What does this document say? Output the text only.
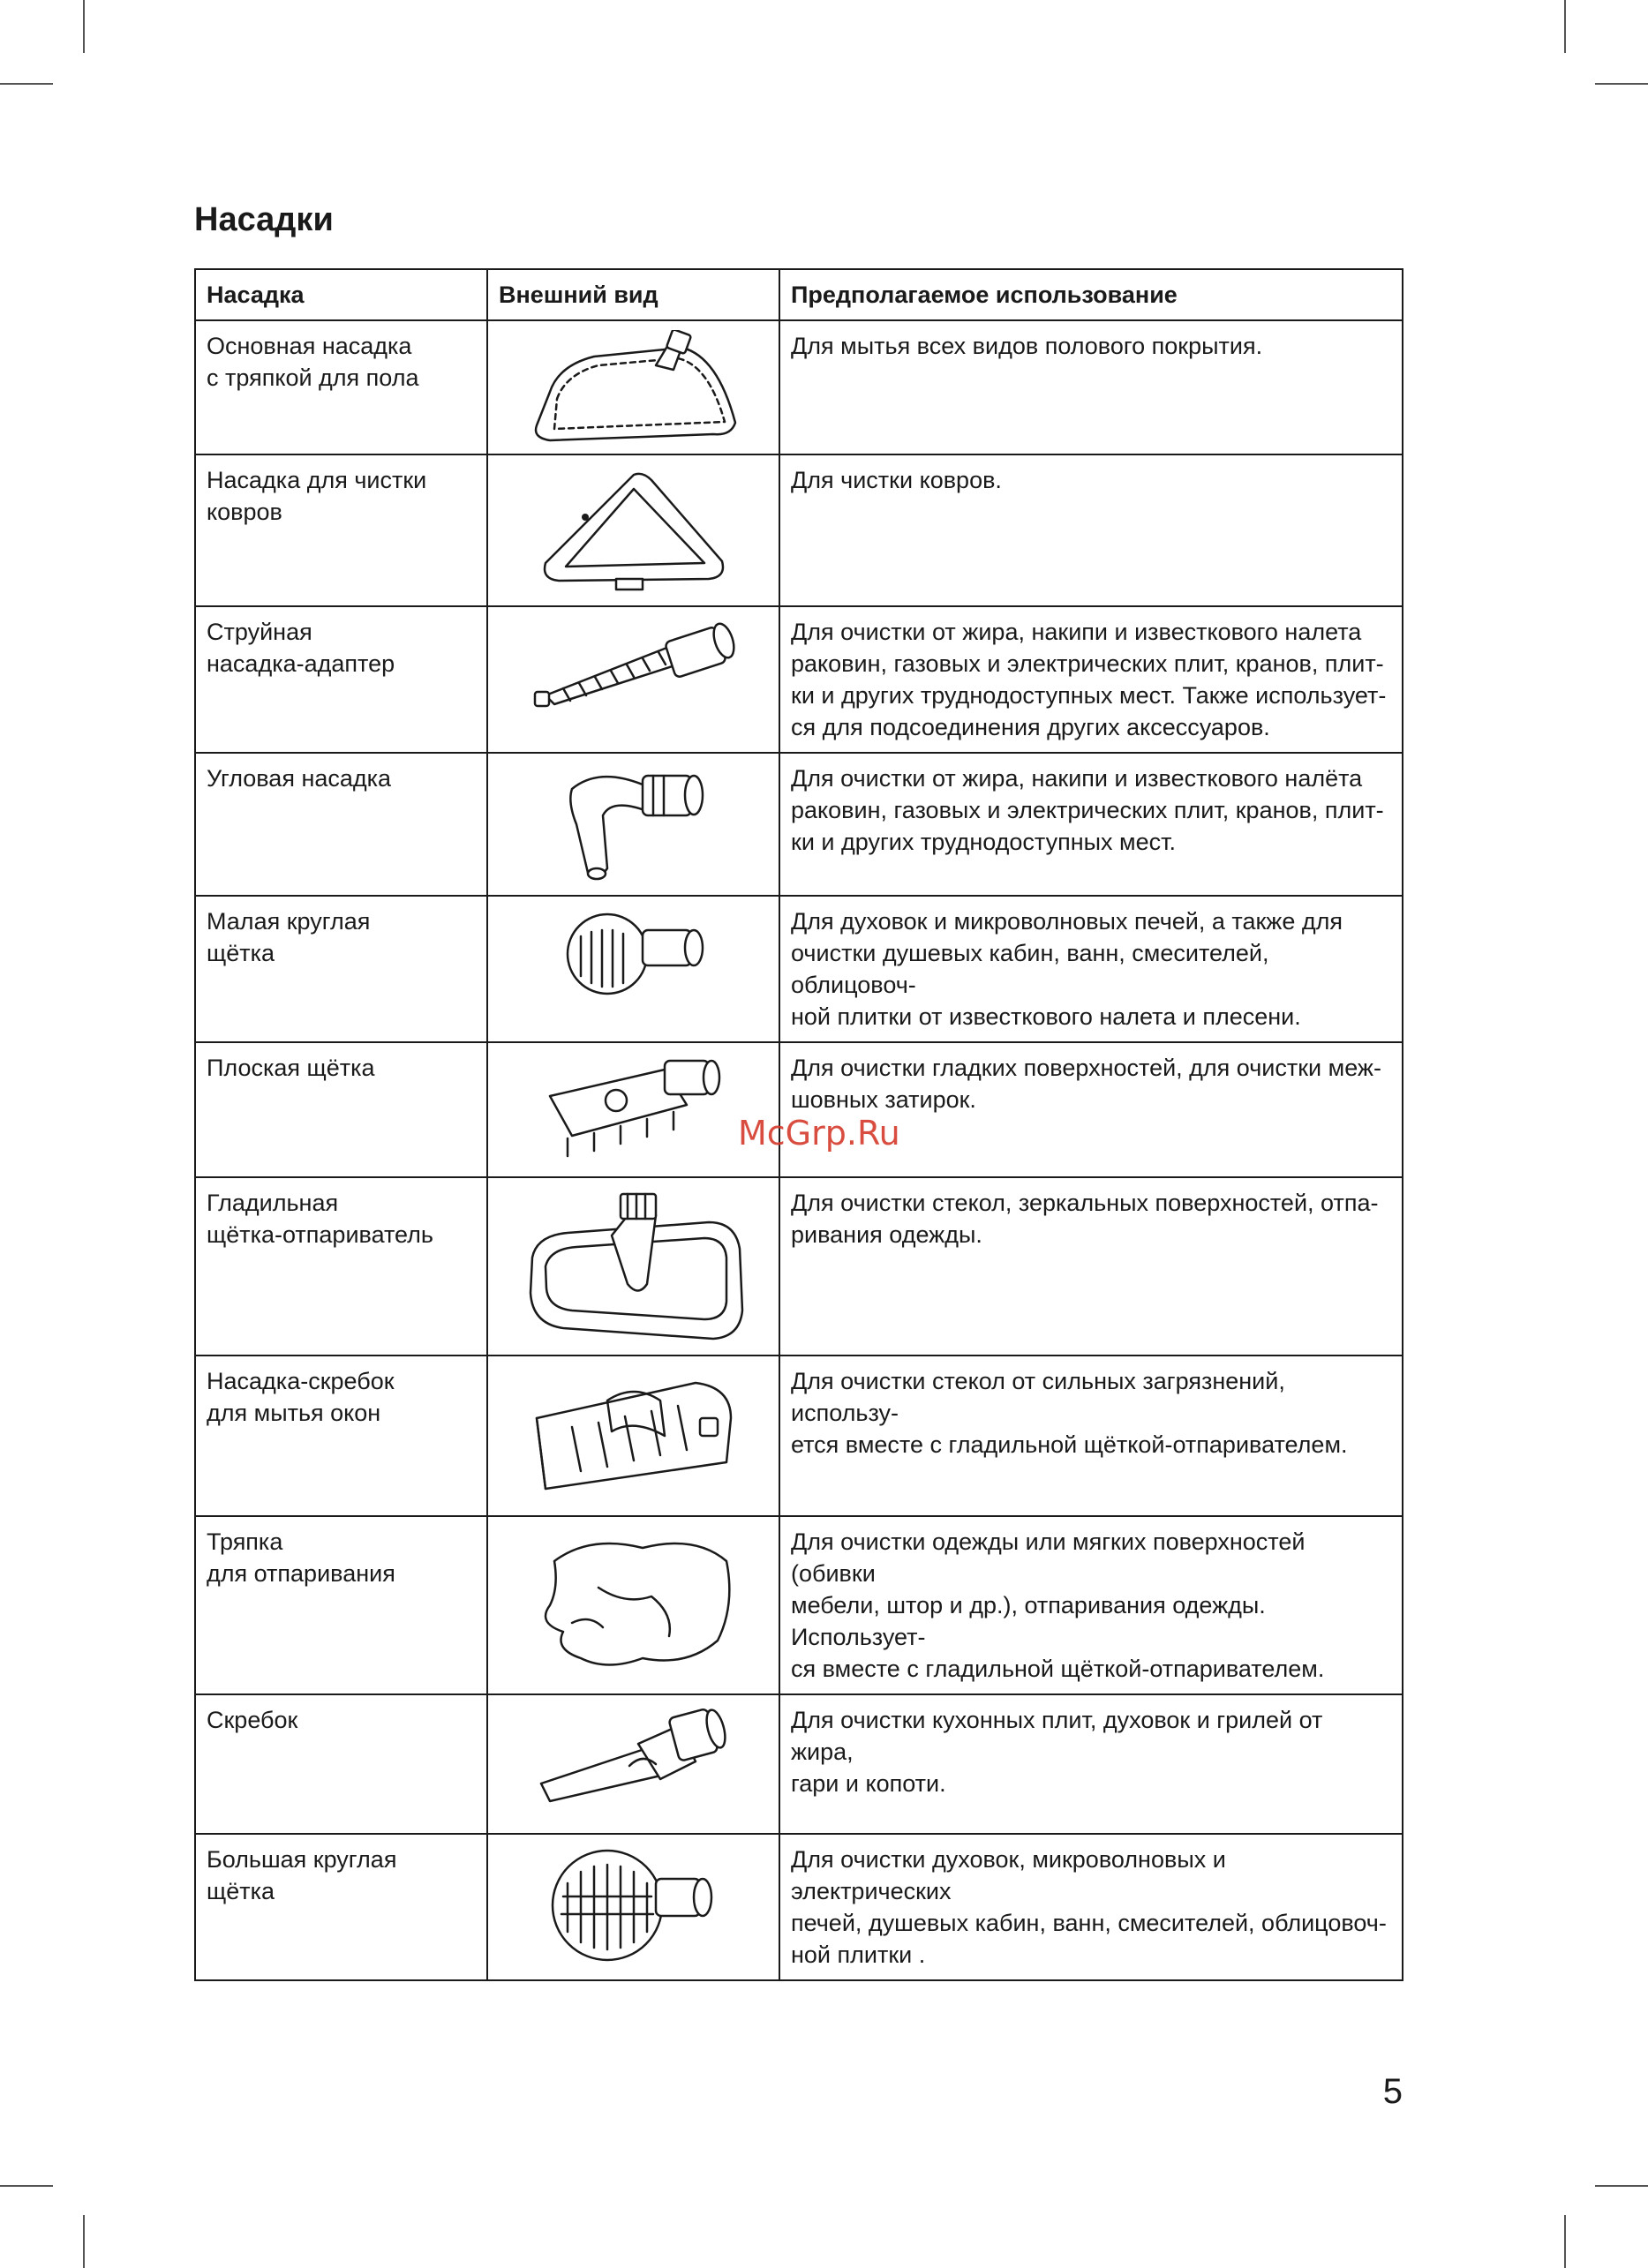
Насадки
Насадка	Внешний вид	Предполагаемое использование
Основная насадка
с тряпкой для пола		Для мытья всех видов полового покрытия.
Насадка для чистки
ковров		Для чистки ковров.
Струйная
насадка-адаптер		Для очистки от жира, накипи и известкового налета
раковин, газовых и электрических плит, кранов, плит-
ки и других труднодоступных мест. Также использует-
ся для подсоединения других аксессуаров.
Угловая насадка		Для очистки от жира, накипи и известкового налёта
раковин, газовых и электрических плит, кранов, плит-
ки и других труднодоступных мест.
Малая круглая
щётка		Для духовок и микроволновых печей, а также для
очистки душевых кабин, ванн, смесителей, облицовоч-
ной плитки от известкового налета и плесени.
Плоская щётка		Для очистки гладких поверхностей, для очистки меж-
шовных затирок.
Гладильная
щётка-отпариватель		Для очистки стекол, зеркальных поверхностей, отпа-
ривания одежды.
Насадка-скребок
для мытья окон		Для очистки стекол от сильных загрязнений, использу-
ется вместе с гладильной щёткой-отпаривателем.
Тряпка
для отпаривания		Для очистки одежды или мягких поверхностей (обивки
мебели, штор и др.), отпаривания одежды. Использует-
ся вместе с гладильной щёткой-отпаривателем.
Скребок		Для очистки кухонных плит, духовок и грилей от жира,
гари и копоти.
Большая круглая
щётка		Для очистки духовок, микроволновых и электрических
печей, душевых кабин, ванн, смесителей, облицовоч-
ной плитки .
McGrp.Ru
5
